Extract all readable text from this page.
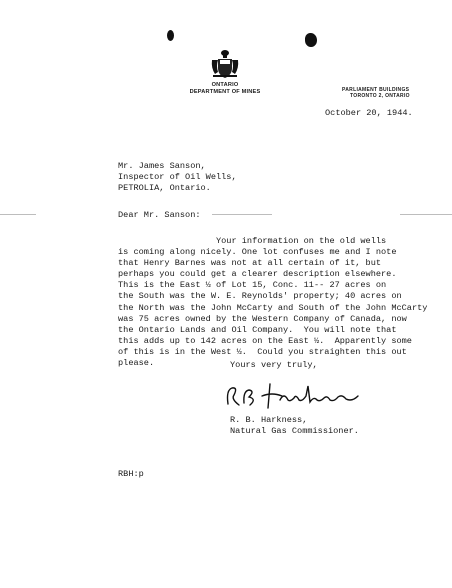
ONTARIO
DEPARTMENT OF MINES	PARLIAMENT BUILDINGS
TORONTO 2, ONTARIO
October 20, 1944.
Mr. James Sanson,
Inspector of Oil Wells,
PETROLIA, Ontario.
Dear Mr. Sanson:
Your information on the old wells
is coming along nicely. One lot confuses me and I note
that Henry Barnes was not at all certain of it, but
perhaps you could get a clearer description elsewhere.
This is the East ½ of Lot 15, Conc. 11-- 27 acres on
the South was the W. E. Reynolds' property; 40 acres on
the North was the John McCarty and South of the John McCarty
was 75 acres owned by the Western Company of Canada, now
the Ontario Lands and Oil Company.  You will note that
this adds up to 142 acres on the East ½.  Apparently some
of this is in the West ½.  Could you straighten this out
please.	Yours very truly,
R. B. Harkness,
Natural Gas Commissioner.
RBH:p
